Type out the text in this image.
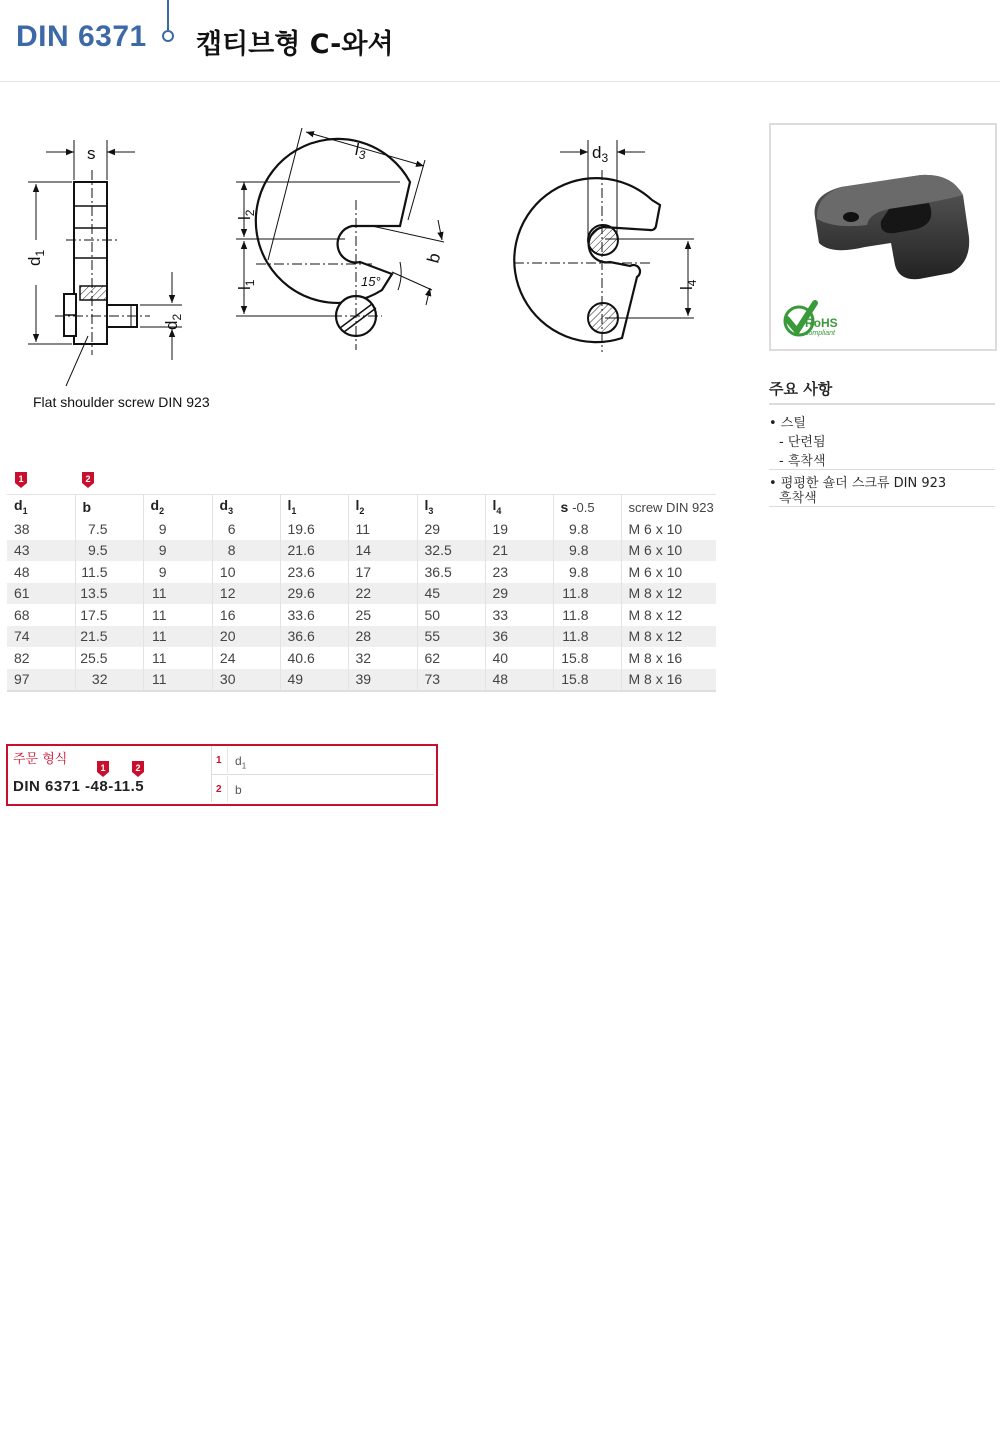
DIN 6371 캡티브형 C-와셔
s
$d_1$
$d_2$
Flat shoulder screw DIN 923
$l_3$
$l_2$
$l_1$
b
15°
$d_3$
$l_4$
RoHS
compliant
주요 사항
• 스틸
- 단련됨
- 흑착색
• 평평한 숄더 스크류 DIN 923
흑착색
1	2
$d_1$	b	$d_2$	$d_3$	$l_1$	$l_2$	$l_3$	$l_4$	s -0.5	screw DIN 923
38	7.5	9	6	19.6	11	29	19	9.8	M 6 x 10
43	9.5	9	8	21.6	14	32.5	21	9.8	M 6 x 10
48	11.5	9	10	23.6	17	36.5	23	9.8	M 6 x 10
61	13.5	11	12	29.6	22	45	29	11.8	M 8 x 12
68	17.5	11	16	33.6	25	50	33	11.8	M 8 x 12
74	21.5	11	20	36.6	28	55	36	11.8	M 8 x 12
82	25.5	11	24	40.6	32	62	40	15.8	M 8 x 16
97	32	11	30	49	39	73	48	15.8	M 8 x 16
주문 형식
1	2
DIN 6371 -48-11.5
1 $d_1$
2 b
